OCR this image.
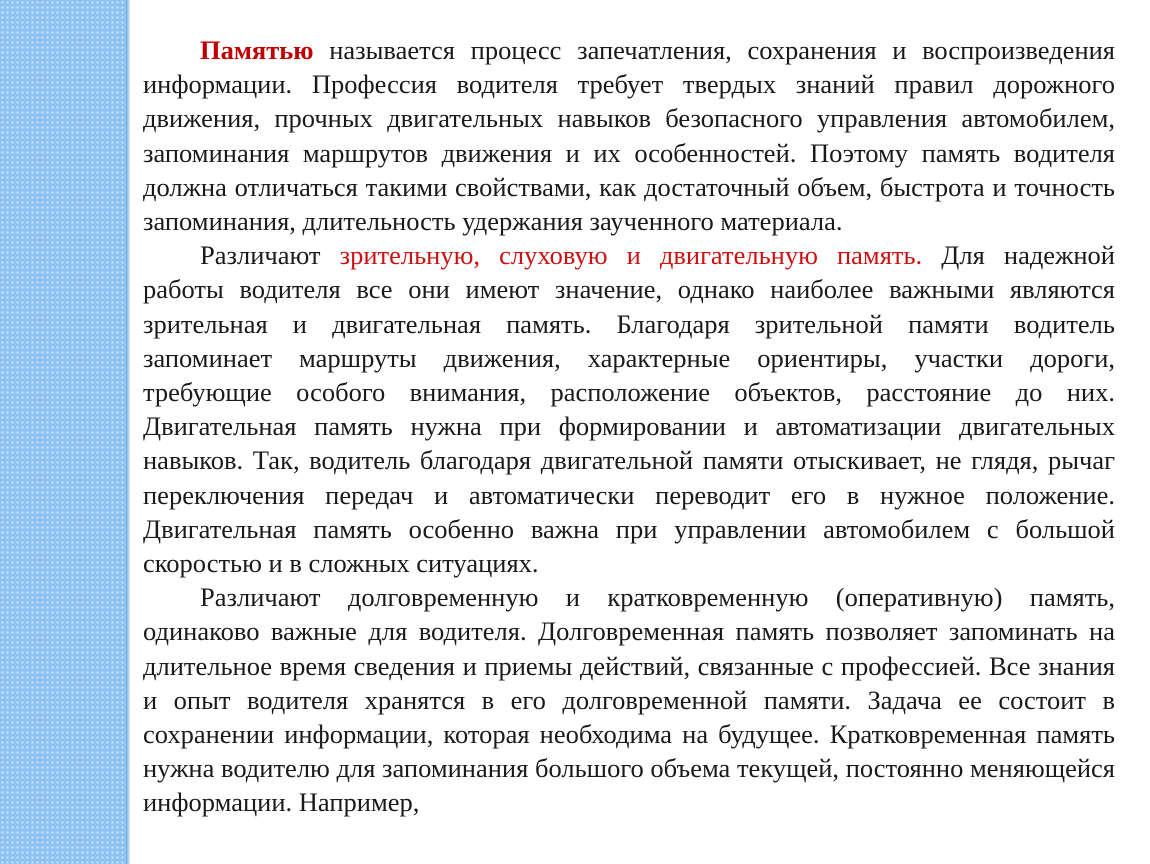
Памятью называется процесс запечатления, сохранения и воспроизведения информации. Профессия водителя требует твердых знаний правил дорожного движения, прочных двигательных навыков безопасного управления автомобилем, запоминания маршрутов движения и их особенностей. Поэтому память водителя должна отличаться такими свойствами, как достаточный объем, быстрота и точность запоминания, длительность удержания заученного материала.

Различают зрительную, слуховую и двигательную память. Для надежной работы водителя все они имеют значение, однако наиболее важными являются зрительная и двигательная память. Благодаря зрительной памяти водитель запоминает маршруты движения, характерные ориентиры, участки дороги, требующие особого внимания, расположение объектов, расстояние до них. Двигательная память нужна при формировании и автоматизации двигательных навыков. Так, водитель благодаря двигательной памяти отыскивает, не глядя, рычаг переключения передач и автоматически переводит его в нужное положение. Двигательная память особенно важна при управлении автомобилем с большой скоростью и в сложных ситуациях.

Различают долговременную и кратковременную (оперативную) память, одинаково важные для водителя. Долговременная память позволяет запоминать на длительное время сведения и приемы действий, связанные с профессией. Все знания и опыт водителя хранятся в его долговременной памяти. Задача ее состоит в сохранении информации, которая необходима на будущее. Кратковременная память нужна водителю для запоминания большого объема текущей, постоянно меняющейся информации. Например,
